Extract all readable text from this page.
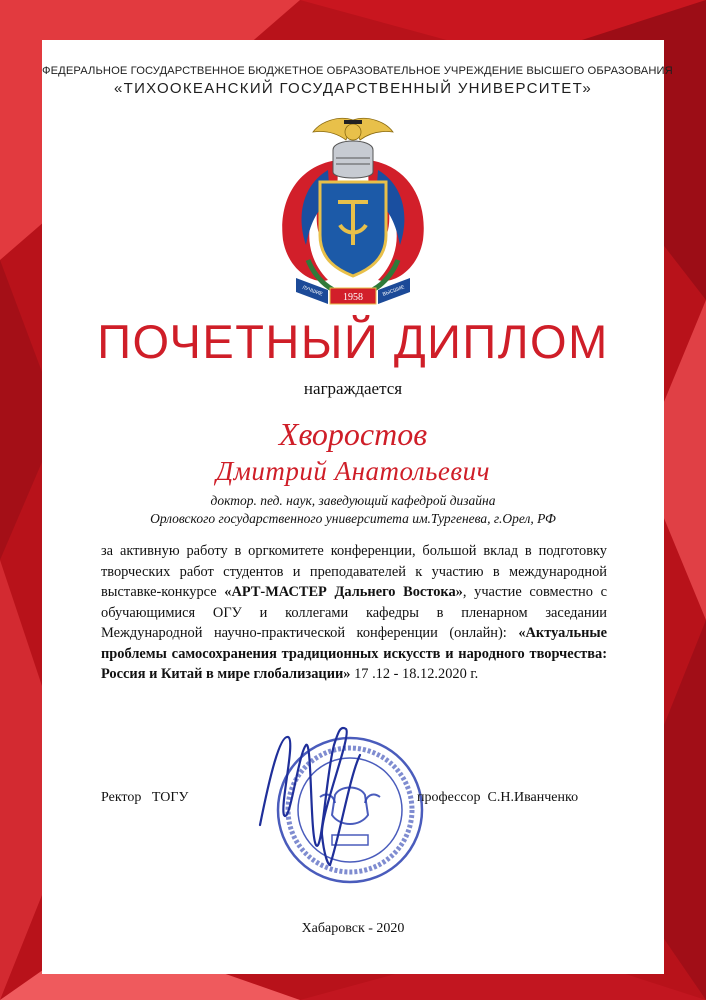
ФЕДЕРАЛЬНОЕ ГОСУДАРСТВЕННОЕ БЮДЖЕТНОЕ ОБРАЗОВАТЕЛЬНОЕ УЧРЕЖДЕНИЕ ВЫСШЕГО ОБРАЗОВАНИЯ
«ТИХООКЕАНСКИЙ ГОСУДАРСТВЕННЫЙ УНИВЕРСИТЕТ»
1958
ЛУЧШИЕ	ВЫСШИЕ
ПОЧЕТНЫЙ ДИПЛОМ
награждается
Хворостов
Дмитрий Анатольевич
доктор. пед. наук, заведующий кафедрой дизайна
Орловского государственного университета им.Тургенева, г.Орел, РФ
за активную работу в оргкомитете конференции, большой вклад в подготовку творческих работ студентов и преподавателей к участию в международной выставке-конкурсе «АРТ-МАСТЕР Дальнего Востока», участие совместно с обучающимися ОГУ и коллегами кафедры в пленарном заседании Международной научно-практической конференции (онлайн): «Актуальные проблемы самосохранения традиционных искусств и народного творчества: Россия и Китай в мире глобализации» 17 .12 - 18.12.2020 г.
Ректор   ТОГУ	профессор  С.Н.Иванченко
Хабаровск - 2020
